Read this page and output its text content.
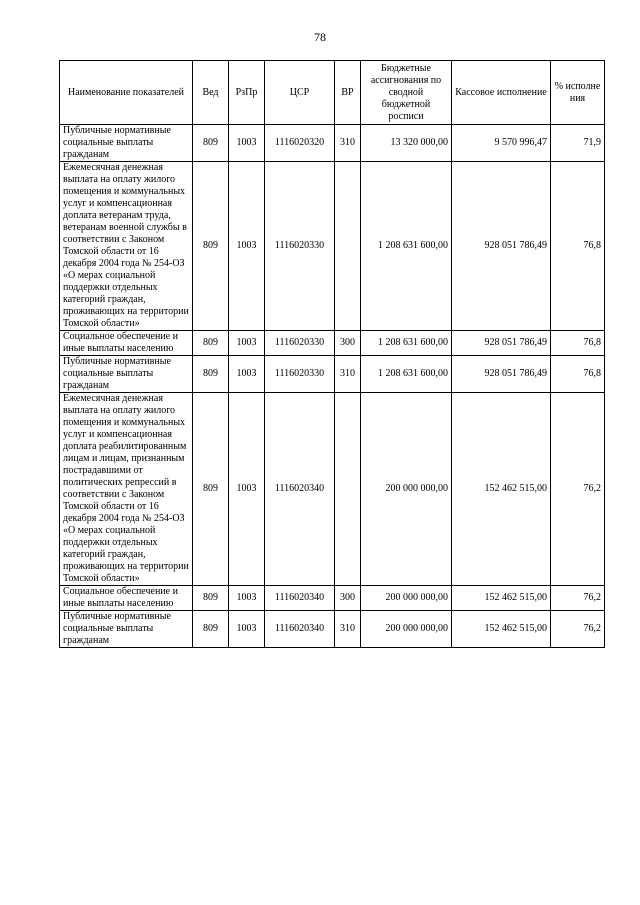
78
Наименование показателей	Вед	РзПр	ЦСР	ВР	Бюджетные ассигнования по сводной бюджетной росписи	Кассовое исполнение	% исполне ния
Публичные нормативные социальные выплаты гражданам	809	1003	1116020320	310	13 320 000,00	9 570 996,47	71,9
Ежемесячная денежная выплата на оплату жилого помещения и коммунальных услуг и компенсационная доплата ветеранам труда, ветеранам военной службы в соответствии с Законом Томской области от 16 декабря 2004 года № 254-ОЗ «О мерах социальной поддержки отдельных категорий граждан, проживающих на территории Томской области»	809	1003	1116020330		1 208 631 600,00	928 051 786,49	76,8
Социальное обеспечение и иные выплаты населению	809	1003	1116020330	300	1 208 631 600,00	928 051 786,49	76,8
Публичные нормативные социальные выплаты гражданам	809	1003	1116020330	310	1 208 631 600,00	928 051 786,49	76,8
Ежемесячная денежная выплата на оплату жилого помещения и коммунальных услуг и компенсационная доплата реабилитированным лицам и лицам, признанным пострадавшими от политических репрессий в соответствии с Законом Томской области от 16 декабря 2004 года № 254-ОЗ «О мерах социальной поддержки отдельных категорий граждан, проживающих на территории Томской области»	809	1003	1116020340		200 000 000,00	152 462 515,00	76,2
Социальное обеспечение и иные выплаты населению	809	1003	1116020340	300	200 000 000,00	152 462 515,00	76,2
Публичные нормативные социальные выплаты гражданам	809	1003	1116020340	310	200 000 000,00	152 462 515,00	76,2
